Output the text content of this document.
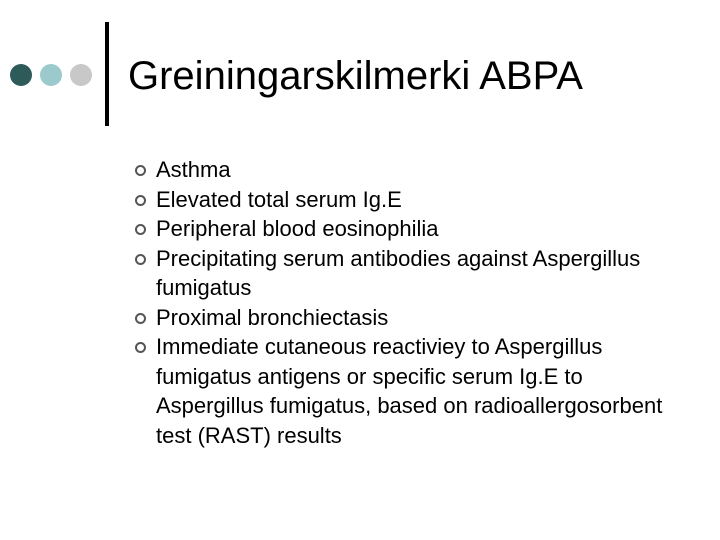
Greiningarskilmerki ABPA
Asthma
Elevated total serum Ig.E
Peripheral blood eosinophilia
Precipitating serum antibodies against Aspergillus fumigatus
Proximal bronchiectasis
Immediate cutaneous reactiviey to Aspergillus fumigatus antigens or specific serum Ig.E to Aspergillus fumigatus, based on radioallergosorbent test (RAST) results
